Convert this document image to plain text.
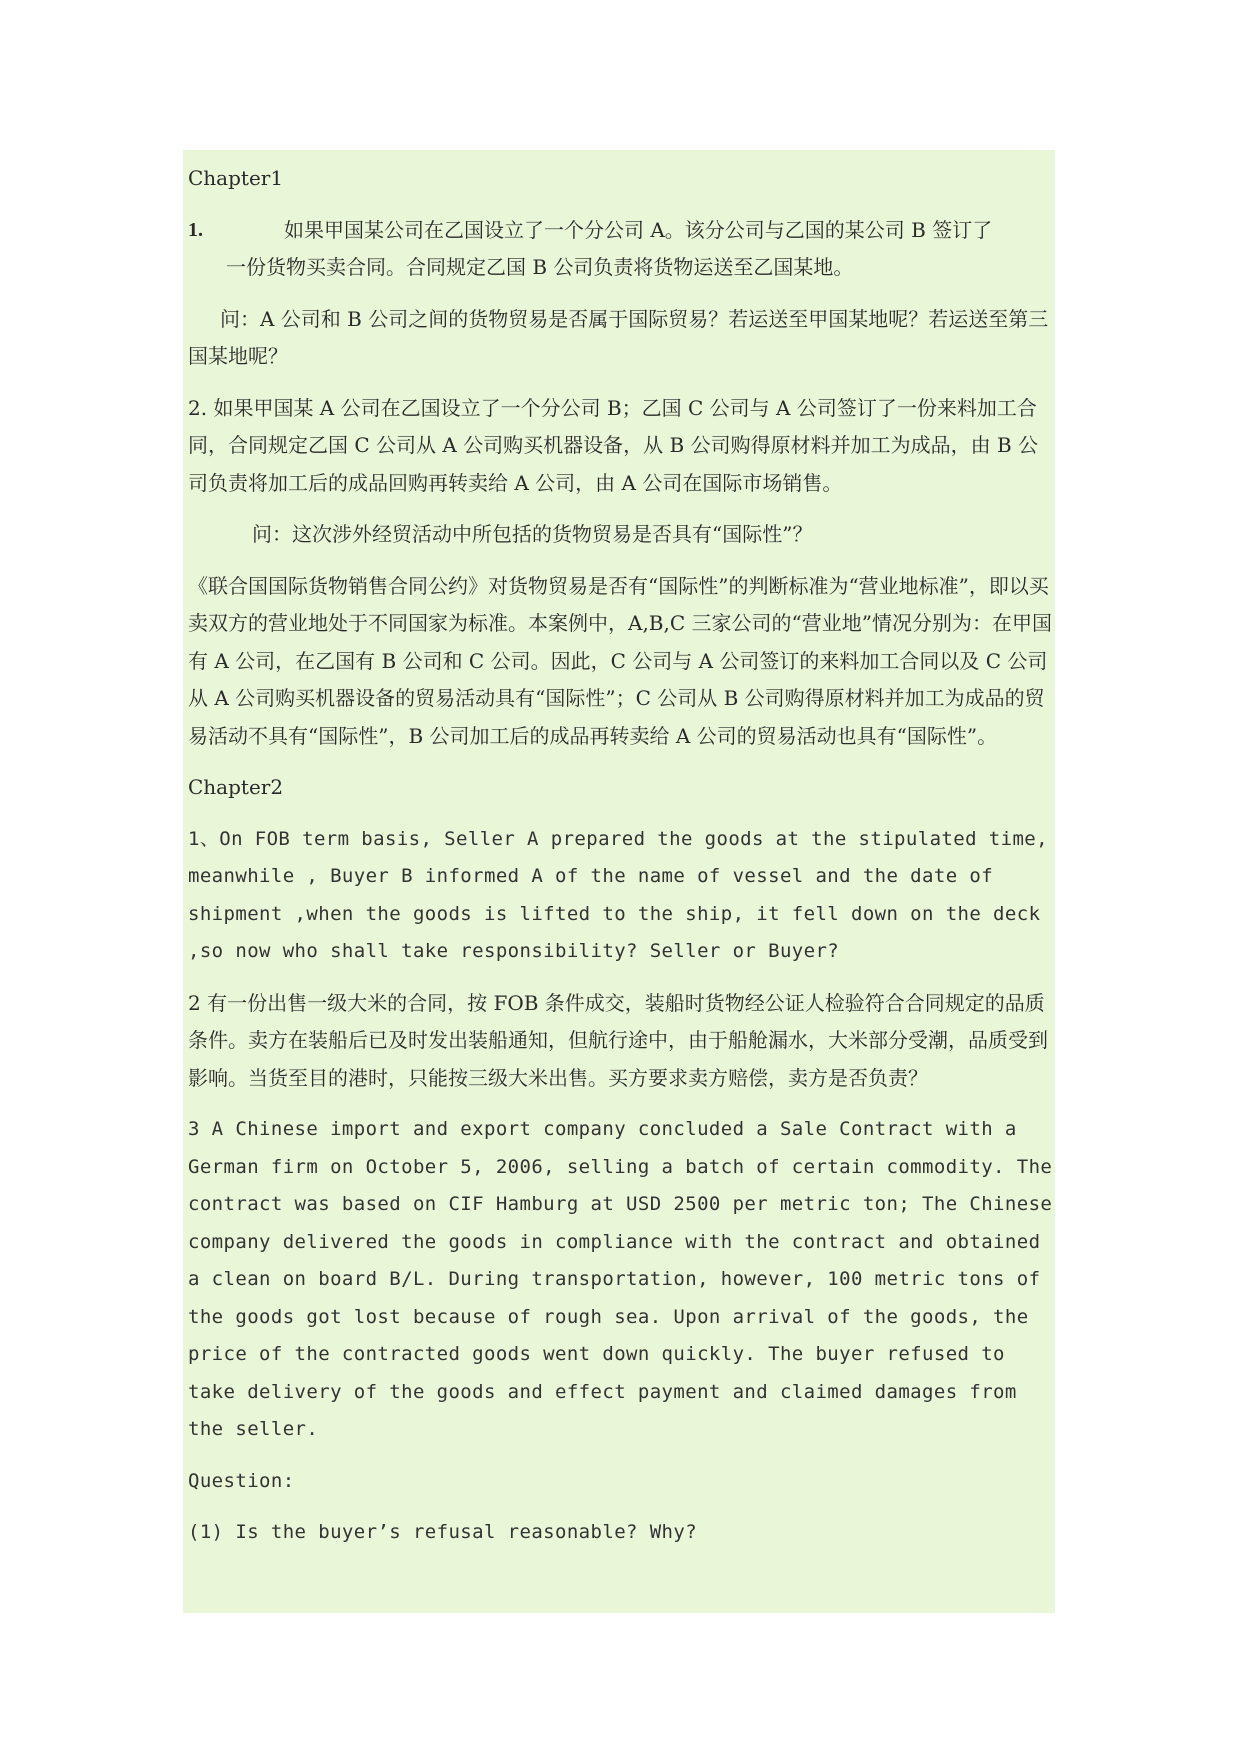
Chapter1

1.	如果甲国某公司在乙国设立了一个分公司 A。该分公司与乙国的某公司 B 签订了
一份货物买卖合同。合同规定乙国 B 公司负责将货物运送至乙国某地。

问：A 公司和 B 公司之间的货物贸易是否属于国际贸易？若运送至甲国某地呢？若运送至第三国某地呢？

2. 如果甲国某 A 公司在乙国设立了一个分公司 B；乙国 C 公司与 A 公司签订了一份来料加工合同，合同规定乙国 C 公司从 A 公司购买机器设备，从 B 公司购得原材料并加工为成品，由 B 公司负责将加工后的成品回购再转卖给 A 公司，由 A 公司在国际市场销售。

问：这次涉外经贸活动中所包括的货物贸易是否具有“国际性”？

《联合国国际货物销售合同公约》对货物贸易是否有“国际性”的判断标准为“营业地标准”，即以买卖双方的营业地处于不同国家为标准。本案例中，A,B,C 三家公司的“营业地”情况分别为：在甲国有 A 公司，在乙国有 B 公司和 C 公司。因此，C 公司与 A 公司签订的来料加工合同以及 C 公司从 A 公司购买机器设备的贸易活动具有“国际性”；C 公司从 B 公司购得原材料并加工为成品的贸易活动不具有“国际性”，B 公司加工后的成品再转卖给 A 公司的贸易活动也具有“国际性”。

Chapter2

1、On FOB term basis, Seller A prepared the goods at the stipulated time, meanwhile , Buyer B informed A of the name of vessel and the date of shipment ,when the goods is lifted to the ship, it fell down on the deck ,so now who shall take responsibility? Seller or Buyer?

2 有一份出售一级大米的合同，按 FOB 条件成交，装船时货物经公证人检验符合合同规定的品质条件。卖方在装船后已及时发出装船通知，但航行途中，由于船舱漏水，大米部分受潮，品质受到影响。当货至目的港时，只能按三级大米出售。买方要求卖方赔偿，卖方是否负责？

3 A Chinese import and export company concluded a Sale Contract with a German firm on October 5, 2006, selling a batch of certain commodity. The contract was based on CIF Hamburg at USD 2500 per metric ton; The Chinese company delivered the goods in compliance with the contract and obtained a clean on board B/L. During transportation, however, 100 metric tons of the goods got lost because of rough sea. Upon arrival of the goods, the price of the contracted goods went down quickly. The buyer refused to take delivery of the goods and effect payment and claimed damages from the seller.

Question:

(1) Is the buyer’s refusal reasonable? Why?
